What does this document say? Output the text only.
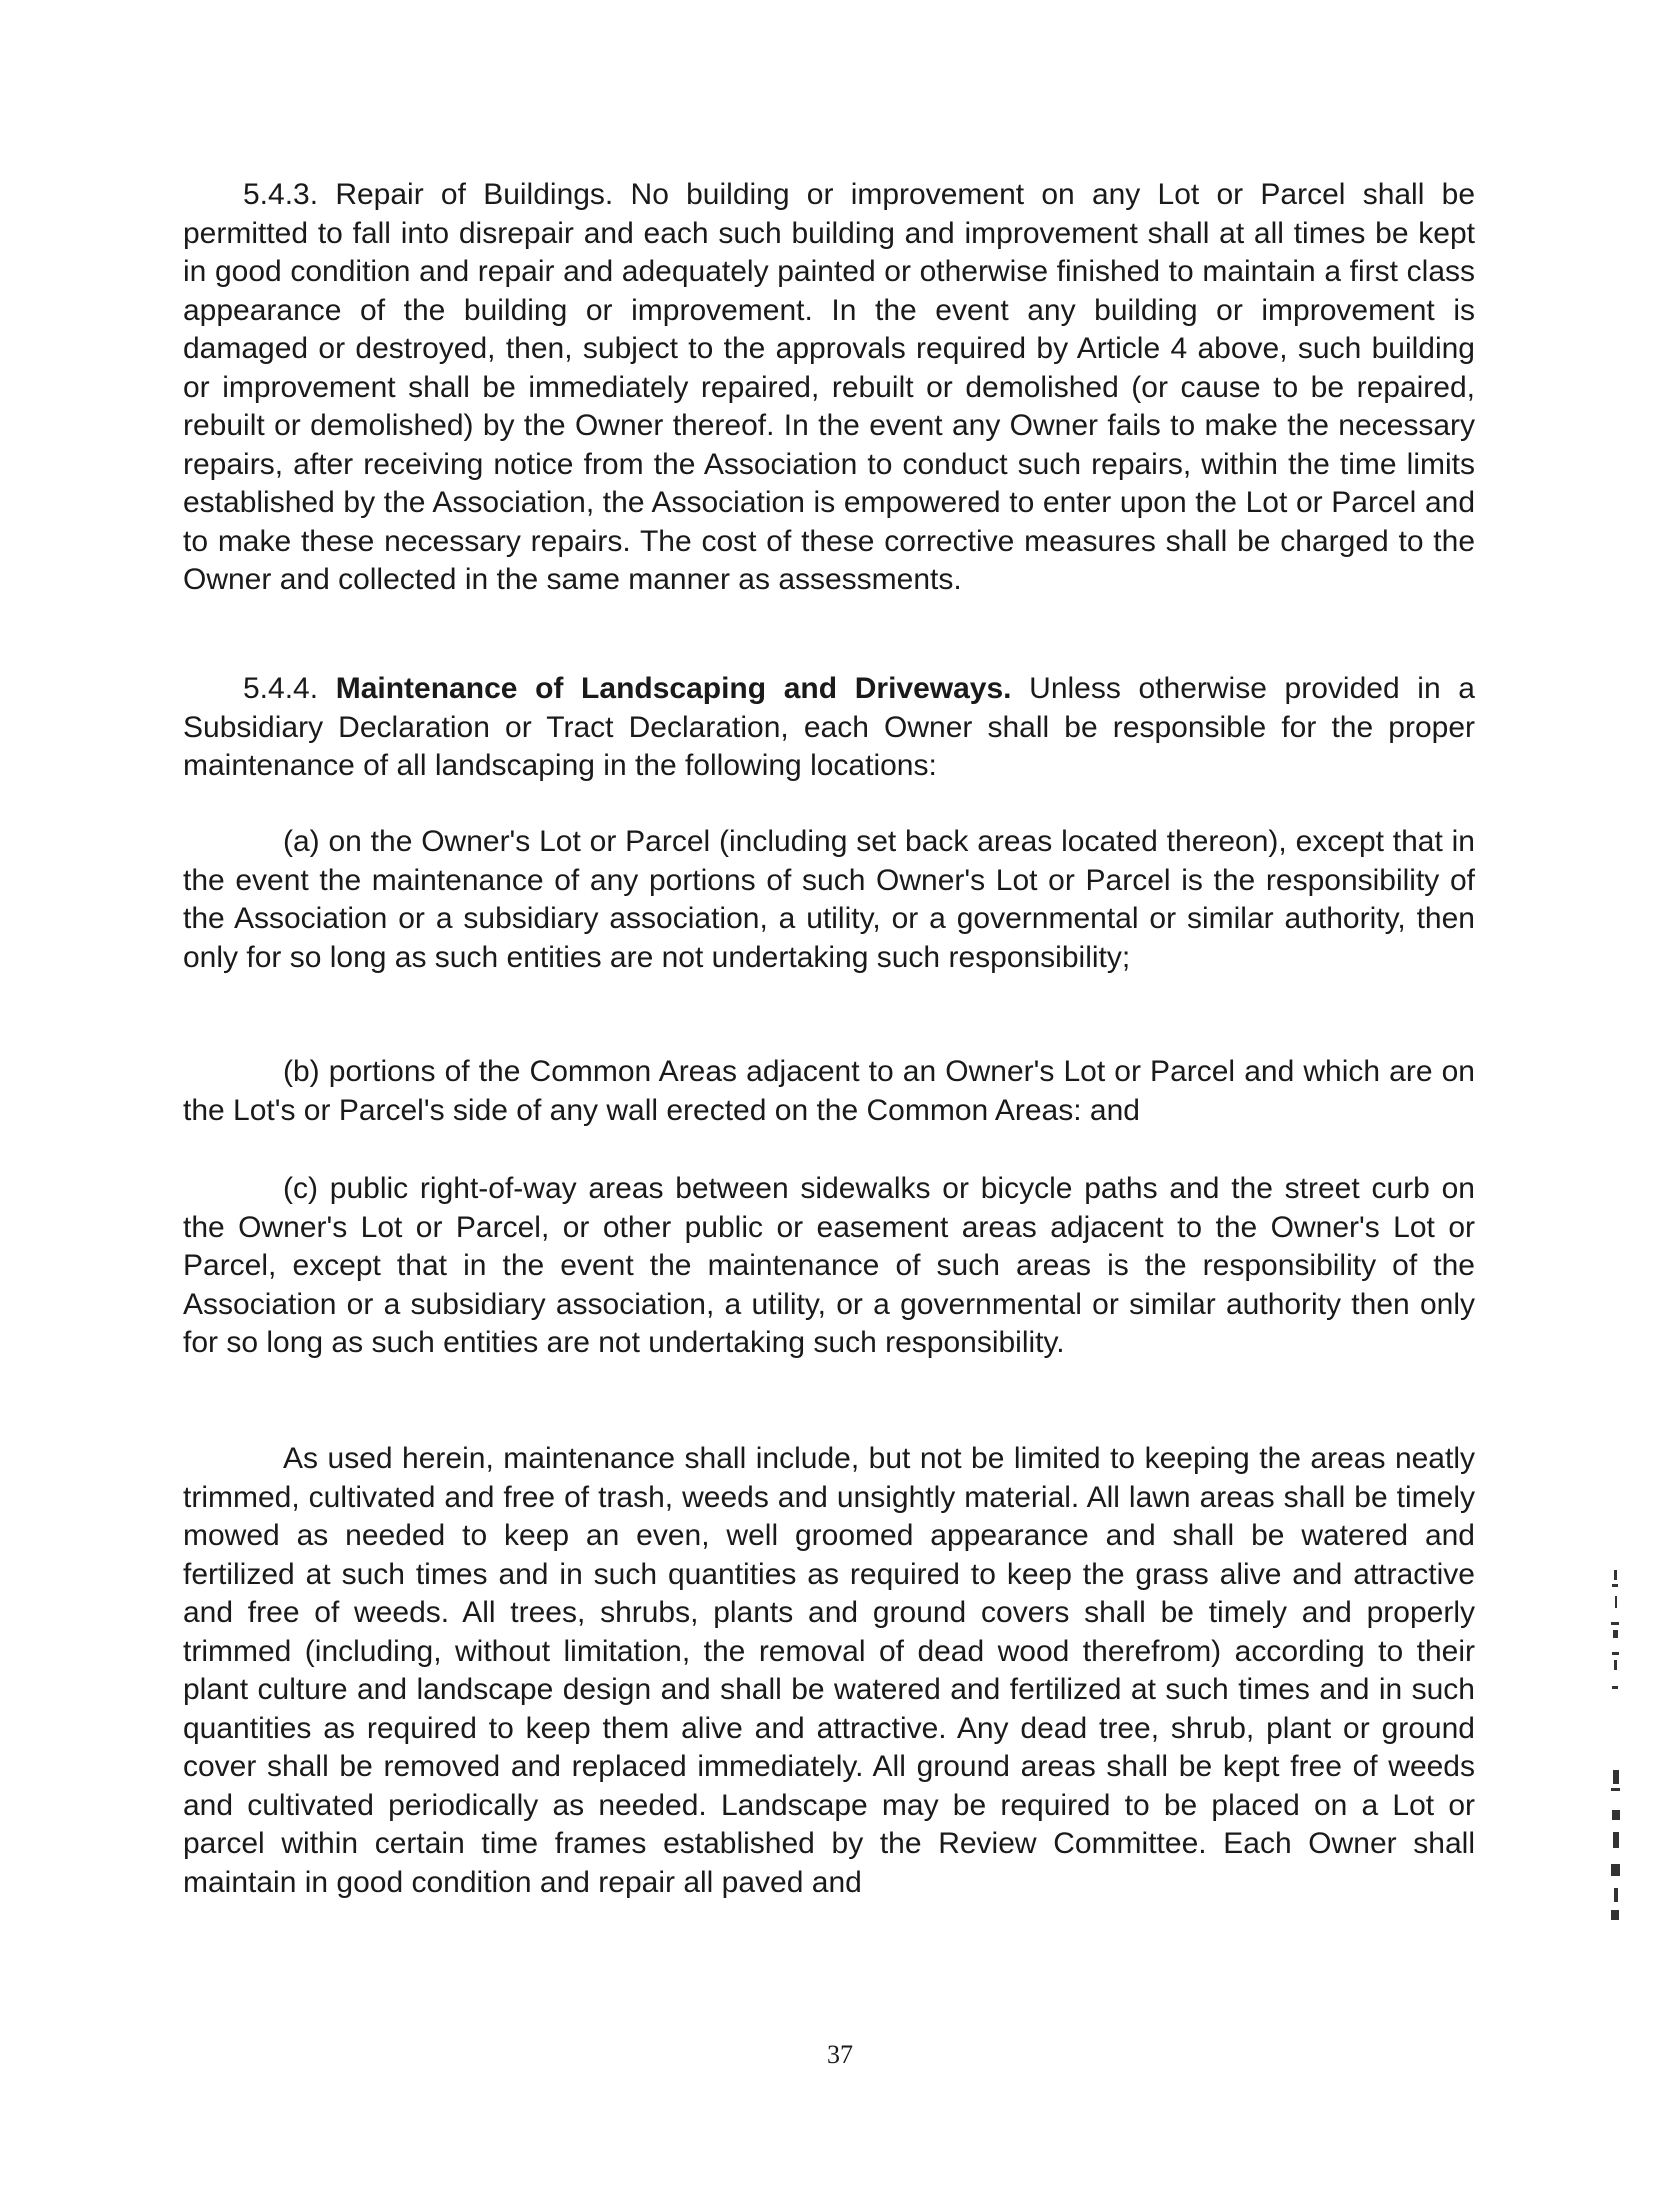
5.4.3. Repair of Buildings. No building or improvement on any Lot or Parcel shall be permitted to fall into disrepair and each such building and improvement shall at all times be kept in good condition and repair and adequately painted or otherwise finished to maintain a first class appearance of the building or improvement. In the event any building or improvement is damaged or destroyed, then, subject to the approvals required by Article 4 above, such building or improvement shall be immediately repaired, rebuilt or demolished (or cause to be repaired, rebuilt or demolished) by the Owner thereof. In the event any Owner fails to make the necessary repairs, after receiving notice from the Association to conduct such repairs, within the time limits established by the Association, the Association is empowered to enter upon the Lot or Parcel and to make these necessary repairs. The cost of these corrective measures shall be charged to the Owner and collected in the same manner as assessments.

5.4.4. Maintenance of Landscaping and Driveways. Unless otherwise provided in a Subsidiary Declaration or Tract Declaration, each Owner shall be responsible for the proper maintenance of all landscaping in the following locations:

(a) on the Owner's Lot or Parcel (including set back areas located thereon), except that in the event the maintenance of any portions of such Owner's Lot or Parcel is the responsibility of the Association or a subsidiary association, a utility, or a governmental or similar authority, then only for so long as such entities are not undertaking such responsibility;

(b) portions of the Common Areas adjacent to an Owner's Lot or Parcel and which are on the Lot's or Parcel's side of any wall erected on the Common Areas: and

(c) public right-of-way areas between sidewalks or bicycle paths and the street curb on the Owner's Lot or Parcel, or other public or easement areas adjacent to the Owner's Lot or Parcel, except that in the event the maintenance of such areas is the responsibility of the Association or a subsidiary association, a utility, or a governmental or similar authority then only for so long as such entities are not undertaking such responsibility.

As used herein, maintenance shall include, but not be limited to keeping the areas neatly trimmed, cultivated and free of trash, weeds and unsightly material. All lawn areas shall be timely mowed as needed to keep an even, well groomed appearance and shall be watered and fertilized at such times and in such quantities as required to keep the grass alive and attractive and free of weeds. All trees, shrubs, plants and ground covers shall be timely and properly trimmed (including, without limitation, the removal of dead wood therefrom) according to their plant culture and landscape design and shall be watered and fertilized at such times and in such quantities as required to keep them alive and attractive. Any dead tree, shrub, plant or ground cover shall be removed and replaced immediately. All ground areas shall be kept free of weeds and cultivated periodically as needed. Landscape may be required to be placed on a Lot or parcel within certain time frames established by the Review Committee. Each Owner shall maintain in good condition and repair all paved and

37
